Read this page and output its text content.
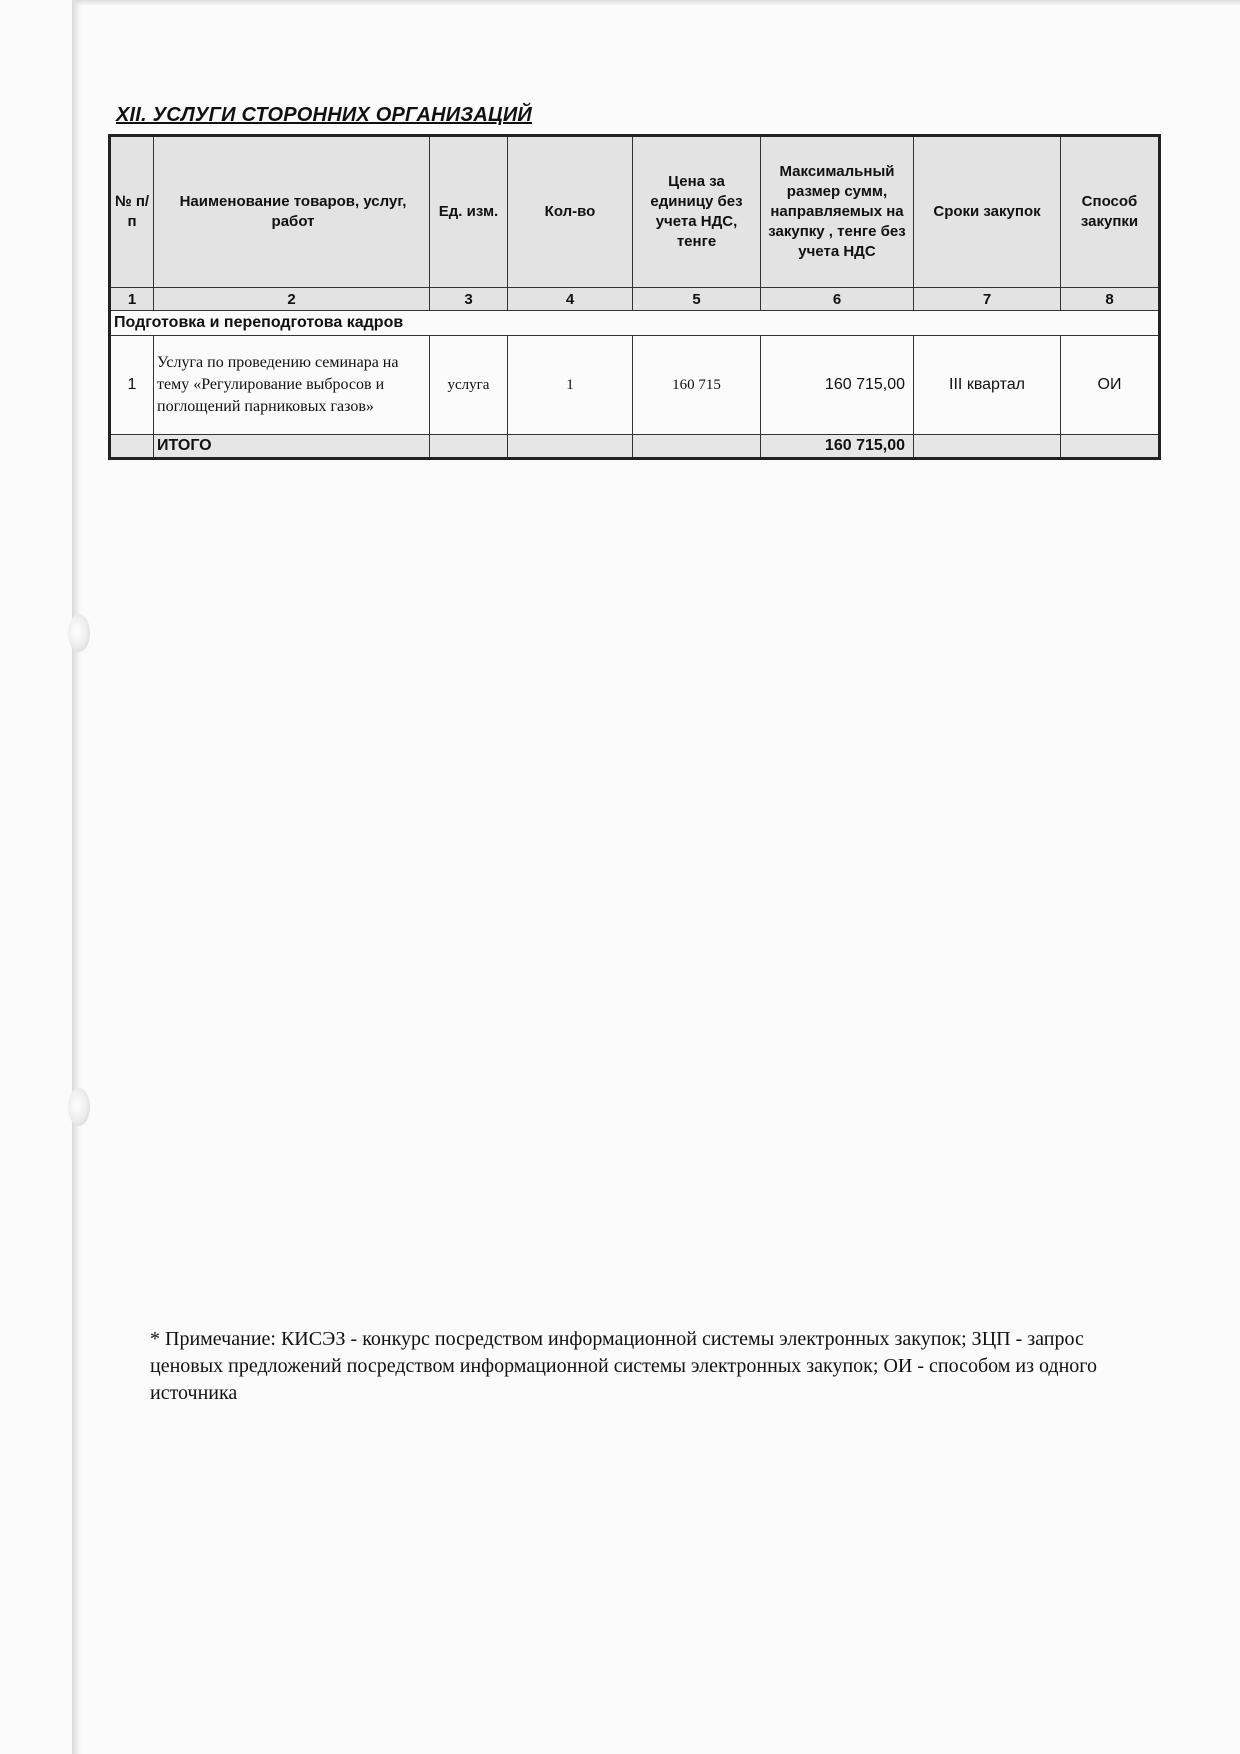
XII. УСЛУГИ СТОРОННИХ ОРГАНИЗАЦИЙ
№ п/п	Наименование товаров, услуг, работ	Ед. изм.	Кол-во	Цена за единицу без учета НДС, тенге	Максимальный размер сумм, направляемых на закупку , тенге без учета НДС	Сроки закупок	Способ закупки
1	2	3	4	5	6	7	8
Подготовка и переподготова кадров							
1	Услуга по проведению семинара на тему «Регулирование выбросов и поглощений парниковых газов»	услуга	1	160 715	160 715,00	III квартал	ОИ
	ИТОГО				160 715,00		
* Примечание: КИСЭЗ - конкурс посредством информационной системы электронных закупок; ЗЦП - запрос ценовых предложений посредством информационной системы электронных закупок; ОИ - способом из одного источника
